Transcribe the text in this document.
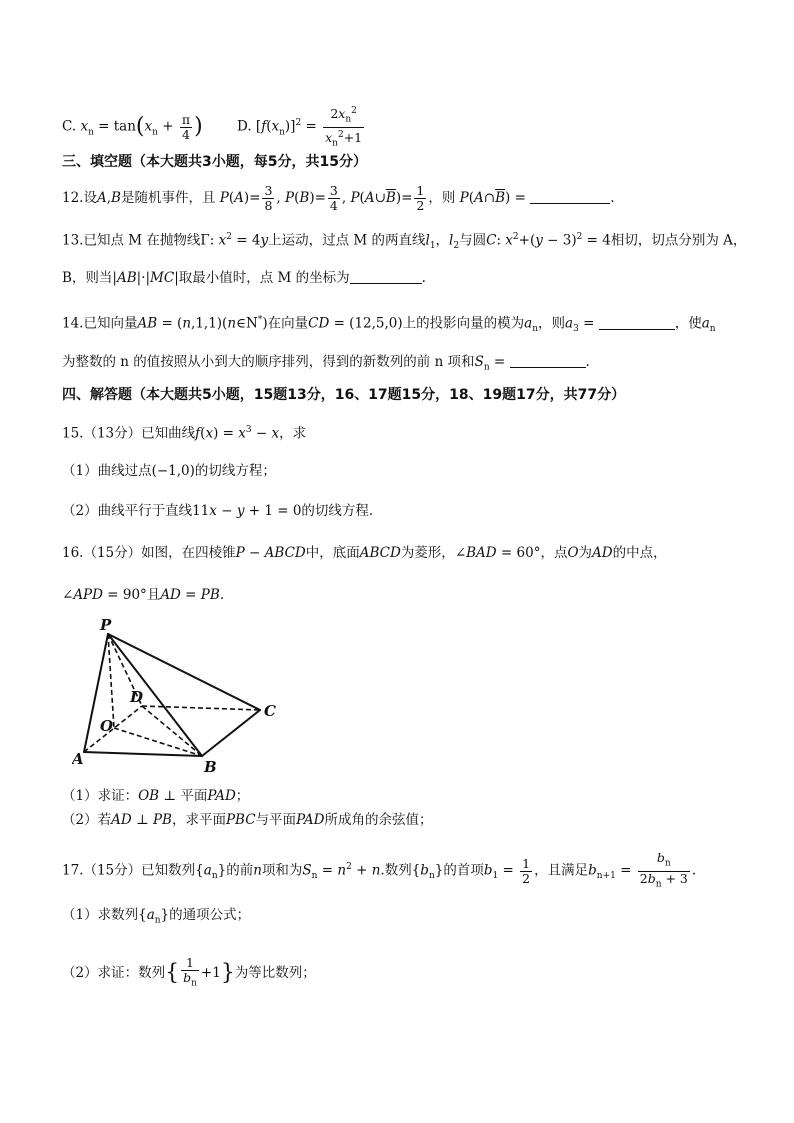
C. $x_n = \tan(x_n + \frac{\pi}{4}$ )	D. $[f(x_n)]^2 = \frac{2x_n^2}{x_n^2+1}$
三、填空题（本大题共3小题，每5分，共15分）
12.设A,B是随机事件，且 $P(A)= \frac{3}{8}$ , $P(B)= \frac{3}{4}$ , $P(A\cup\overline{B})= \frac{1}{2}$ ，则 $P(A\cap\overline{B})$ =	.
13.已知点 M 在抛物线Γ: $x^2 = 4y$上运动，过点 M 的两直线$l_1$，$l_2$与圆C: $x^2+(y - 3)^2 = 4$相切，切点分别为 A，
B，则当|AB|·|MC|取最小值时，点 M 的坐标为	.
14.已知向量AB = (n,1,1)(n∈N*)在向量CD = (12,5,0)上的投影向量的模为$a_n$，则$a_3$ =	，使$a_n$
为整数的 n 的值按照从小到大的顺序排列，得到的新数列的前 n 项和$S_n$ =	.
四、解答题（本大题共5小题，15题13分，16、17题15分，18、19题17分，共77分）
15.（13分）已知曲线$f(x) = x^3 - x$，求
（1）曲线过点(−1,0)的切线方程；
（2）曲线平行于直线11x − y + 1 = 0的切线方程.
16.（15分）如图，在四棱锥P − ABCD中，底面ABCD为菱形，∠BAD = 60°，点O为AD的中点，
∠APD = 90°且AD = PB.
P
D
C
O
A	B
（1）求证：OB ⊥ 平面PAD；
（2）若AD ⊥ PB，求平面PBC与平面PAD所成角的余弦值；
17.（15分）已知数列$\{a_n\}$的前n项和为$S_n = n^2 + n$.数列$\{b_n\}$的首项$b_1 = \frac{1}{2}$ ，且满足$b_{n+1} = \frac{b_n}{2b_n + 3}$ .
（1）求数列$\{a_n\}$的通项公式；
（2）求证：数列{ $\frac{1}{b_n} +1$}为等比数列；
